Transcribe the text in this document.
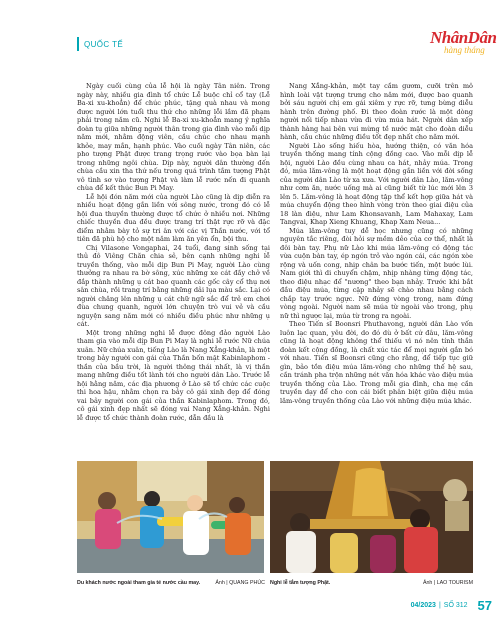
QUỐC TẾ	NhânDân
hàng tháng

Ngày cuối cùng của lễ hội là ngày Tân niên. Trong ngày này, nhiều gia đình tổ chức Lễ buộc chỉ cổ tay (Lễ Ba-xi xu-khoẳn) để chúc phúc, tặng quà nhau và mong được người lớn tuổi thu thứ cho những lỗi lầm đã phạm phải trong năm cũ. Nghi lễ Ba-xi xu-khoẳn mang ý nghĩa đoàn tụ giữa những người thân trong gia đình vào mỗi dịp năm mới, nhằm động viên, cầu chúc cho nhau mạnh khỏe, may mắn, hạnh phúc. Vào cuối ngày Tân niên, các pho tượng Phật được trang trọng rước vào bọa bàn lại trong những ngôi chùa. Dịp này, người dân thường đến chùa cầu xin tha thứ nếu trong quá trình tắm tượng Phật vô tình sơ vào tượng Phật và làm lễ rước nến đi quanh chùa để kết thúc Bun Pi May.

Lễ hội đón năm mới của người Lào cũng là dịp diễn ra nhiều hoạt động gắn liền với sông nước, trong đó có lễ hội đua thuyền thường được tổ chức ở nhiều nơi. Những chiếc thuyền đua đều được trang trí thật rực rỡ và đặc điểm nhằm bày tỏ sự tri ân với các vị Thần nước, với tổ tiên đã phù hộ cho một năm làm ăn yên ổn, bội thu.

Chị Vilasone Vongaphai, 24 tuổi, đang sinh sống tại thủ đô Viêng Chăn chia sẻ, bên cạnh những nghi lễ truyền thống, vào mỗi dịp Bun Pi May, người Lào cùng thưởng ra nhau ra bờ sông, xúc những xe cát đầy chở về đắp thành những ụ cát bao quanh các gốc cây cổ thụ nơi sân chùa, rồi trang trí bằng những dải lụa màu sắc. Lại có người chăng lên những ụ cát chữ ngữ sắc để trẻ em chơi đùa chung quanh, người lớn chuyện trò vui vẻ và cầu nguyện sang năm mới có nhiều điều phúc như những ụ cát.

Một trong những nghi lễ được đông đảo người Lào tham gia vào mỗi dịp Bun Pi May là nghi lễ rước Nữ chúa xuân. Nữ chúa xuân, tiếng Lào là Nang Xẳng-khản, là một trong bảy người con gái của Thần bốn mặt Kabinlaphom - thần của bầu trời, là người thông thái nhất, là vị thần mang những điều tốt lành tới cho người dân Lào. Trước lễ hội hằng năm, các địa phương ở Lào sẽ tổ chức các cuộc thi hoa hậu, nhằm chọn ra bảy cô gái xinh đẹp để đóng vai bảy người con gái của thần Kabinlaphom. Trong đó, cô gái xinh đẹp nhất sẽ đóng vai Nang Xẳng-khản. Nghi lễ được tổ chức thành đoàn rước, dẫn đầu là

Nang Xẳng-khản, một tay cầm gươm, cưỡi trên mô hình loài vật tượng trưng cho năm mới, được bao quanh bởi sáu người chị em gái xiêm y rực rỡ, tưng bừng diễu hành trên đường phố. Đi theo đoàn rước là một dòng người nối tiếp nhau vừa đi vừa múa hát. Người dân xếp thành hàng hai bên vui mừng tề nước mặt cho đoàn diễu hành, cầu chúc những điều tốt đẹp nhất cho năm mới.

Người Lào sống hiếu hòa, hướng thiện, có văn hóa truyền thống mang tính cộng đồng cao. Vào mỗi dịp lễ hội, người Lào đều cùng nhau ca hát, nhảy múa. Trong đó, múa lăm-vông là một hoạt động gắn liền với đời sống của người dân Lào từ xa xưa. Với người dân Lào, lăm-vông như cơm ăn, nước uống mà ai cũng biết từ lúc mới lên 3 lên 5. Lăm-vông là hoạt động tập thể kết hợp giữa hát và múa chuyển động theo hình vòng tròn theo giai điệu của 18 làn điệu, như Lam Khonsavanh, Lam Mahaxay, Lam Tangvai, Khap Xieng Khuang, Khap Xam Neua...

Múa lăm-vông tuy dễ học nhưng cũng có những nguyên tắc riêng, đòi hỏi sự mềm dẻo của cơ thể, nhất là đôi bàn tay. Phụ nữ Lào khi múa lăm-vông có động tác vừa cuộn bàn tay, ép ngón trỏ vào ngón cái, các ngón xòe rộng và uốn cong, nhịp chân ba bước tiến, một bước lùi. Nam giới thì di chuyển chậm, nhịp nhàng từng động tác, theo điệu nhạc để "nương" theo bạn nhảy. Trước khi bắt đầu điệu múa, từng cặp nhảy sẽ chào nhau bằng cách chắp tay trước ngực. Nữ đứng vòng trong, nam đứng vòng ngoài. Người nam sẽ múa từ ngoài vào trong, phụ nữ thì ngược lại, múa từ trong ra ngoài.

Theo Tiến sĩ Boonsri Phuthavong, người dân Lào vốn luôn lạc quan, yêu đời, do đó dù ở bất cứ đâu, lăm-vông cũng là hoạt động không thể thiếu vì nó nên tính thắn đoàn kết cộng đồng, là chất xúc tác để mọi người gắn bó với nhau. Tiến sĩ Boonsri cũng cho rằng, để tiếp tục giữ gìn, bảo tồn điệu múa lăm-vông cho những thế hệ sau, cần tránh pha trộn những nét văn hóa khác vào điệu múa truyền thống của Lào. Trong mỗi gia đình, cha mẹ cần truyền dạy để cho con cái biết phân biệt giữa điệu múa lăm-vông truyền thống của Lào với những điệu múa khác.

Du khách nước ngoài tham gia té nước cầu may.	Ảnh | QUANG PHÚC Nghi lễ tắm tượng Phật.	Ảnh | LAO TOURISM
04/2023 | SỐ 312 57
